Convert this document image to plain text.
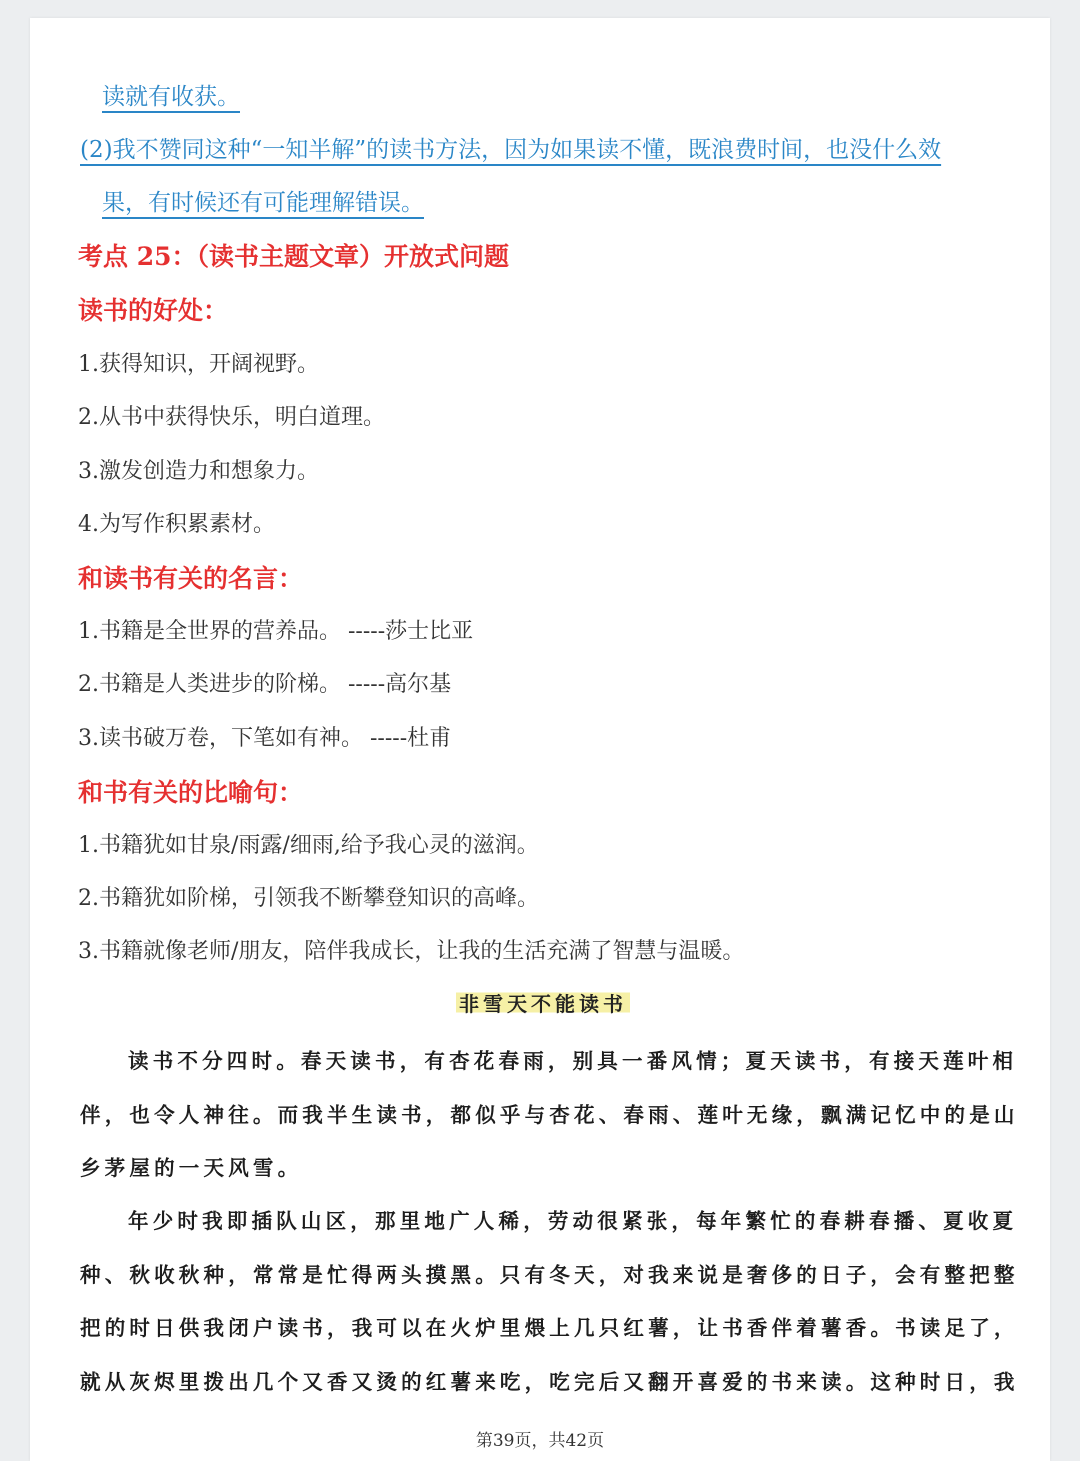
读就有收获。
(2)我不赞同这种“一知半解”的读书方法，因为如果读不懂，既浪费时间，也没什么效
果，有时候还有可能理解错误。
考点 25：（读书主题文章）开放式问题
读书的好处：
1.获得知识，开阔视野。
2.从书中获得快乐，明白道理。
3.激发创造力和想象力。
4.为写作积累素材。
和读书有关的名言：
1.书籍是全世界的营养品。 -----莎士比亚
2.书籍是人类进步的阶梯。 -----高尔基
3.读书破万卷，下笔如有神。 -----杜甫
和书有关的比喻句：
1.书籍犹如甘泉/雨露/细雨,给予我心灵的滋润。
2.书籍犹如阶梯，引领我不断攀登知识的高峰。
3.书籍就像老师/朋友，陪伴我成长，让我的生活充满了智慧与温暖。
非雪天不能读书
读书不分四时。春天读书，有杏花春雨，别具一番风情；夏天读书，有接天莲叶相
伴，也令人神往。而我半生读书，都似乎与杏花、春雨、莲叶无缘，飘满记忆中的是山
乡茅屋的一天风雪。
年少时我即插队山区，那里地广人稀，劳动很紧张，每年繁忙的春耕春播、夏收夏
种、秋收秋种，常常是忙得两头摸黑。只有冬天，对我来说是奢侈的日子，会有整把整
把的时日供我闭户读书，我可以在火炉里煨上几只红薯，让书香伴着薯香。书读足了，
就从灰烬里拨出几个又香又烫的红薯来吃，吃完后又翻开喜爱的书来读。这种时日，我
第39页，共42页
